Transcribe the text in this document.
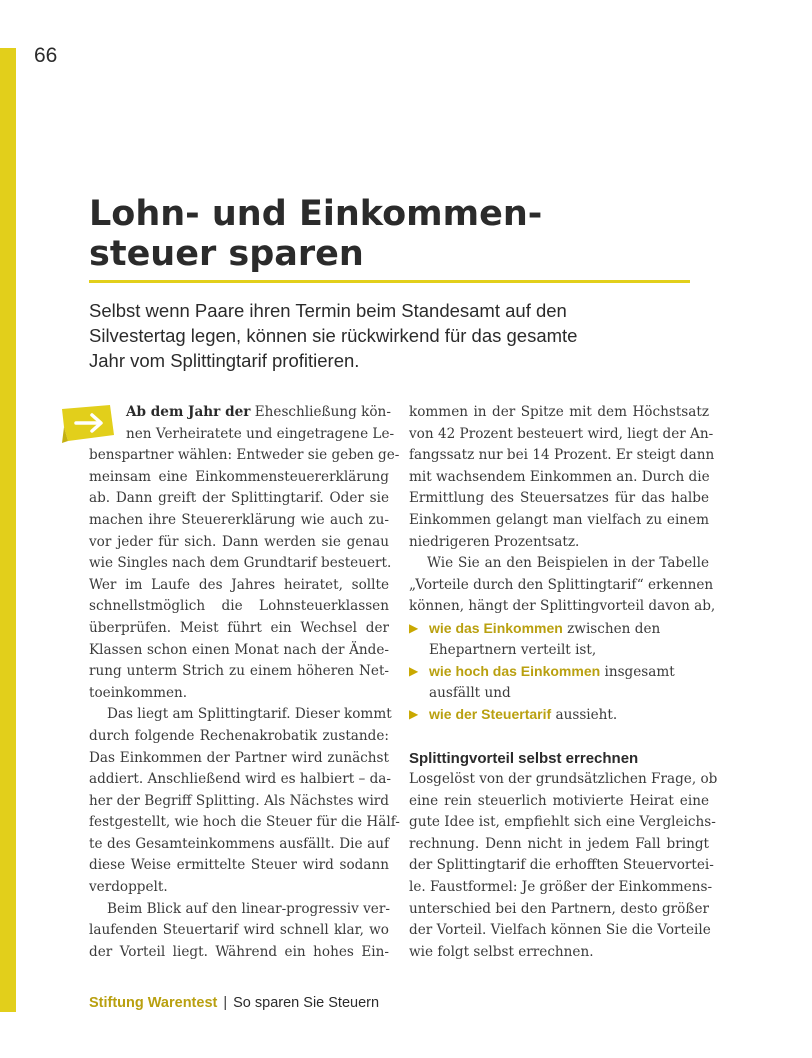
66
Lohn- und Einkommen-
steuer sparen
Selbst wenn Paare ihren Termin beim Standesamt auf den
Silvestertag legen, können sie rückwirkend für das gesamte
Jahr vom Splittingtarif profitieren.
Ab dem Jahr der Eheschließung kön-
nen Verheiratete und eingetragene Le-
benspartner wählen: Entweder sie geben ge-
meinsam eine Einkommensteuererklärung
ab. Dann greift der Splittingtarif. Oder sie
machen ihre Steuererklärung wie auch zu-
vor jeder für sich. Dann werden sie genau
wie Singles nach dem Grundtarif besteuert.
Wer im Laufe des Jahres heiratet, sollte
schnellstmöglich die Lohnsteuerklassen
überprüfen. Meist führt ein Wechsel der
Klassen schon einen Monat nach der Ände-
rung unterm Strich zu einem höheren Net-
toeinkommen.
Das liegt am Splittingtarif. Dieser kommt
durch folgende Rechenakrobatik zustande:
Das Einkommen der Partner wird zunächst
addiert. Anschließend wird es halbiert – da-
her der Begriff Splitting. Als Nächstes wird
festgestellt, wie hoch die Steuer für die Hälf-
te des Gesamteinkommens ausfällt. Die auf
diese Weise ermittelte Steuer wird sodann
verdoppelt.
Beim Blick auf den linear-progressiv ver-
laufenden Steuertarif wird schnell klar, wo
der Vorteil liegt. Während ein hohes Ein-
kommen in der Spitze mit dem Höchstsatz
von 42 Prozent besteuert wird, liegt der An-
fangssatz nur bei 14 Prozent. Er steigt dann
mit wachsendem Einkommen an. Durch die
Ermittlung des Steuersatzes für das halbe
Einkommen gelangt man vielfach zu einem
niedrigeren Prozentsatz.
Wie Sie an den Beispielen in der Tabelle
„Vorteile durch den Splittingtarif“ erkennen
können, hängt der Splittingvorteil davon ab,
▶ wie das Einkommen zwischen den
Ehepartnern verteilt ist,
▶ wie hoch das Einkommen insgesamt
ausfällt und
▶ wie der Steuertarif aussieht.
Splittingvorteil selbst errechnen
Losgelöst von der grundsätzlichen Frage, ob
eine rein steuerlich motivierte Heirat eine
gute Idee ist, empfiehlt sich eine Vergleichs-
rechnung. Denn nicht in jedem Fall bringt
der Splittingtarif die erhofften Steuervortei-
le. Faustformel: Je größer der Einkommens-
unterschied bei den Partnern, desto größer
der Vorteil. Vielfach können Sie die Vorteile
wie folgt selbst errechnen.
Stiftung Warentest | So sparen Sie Steuern
